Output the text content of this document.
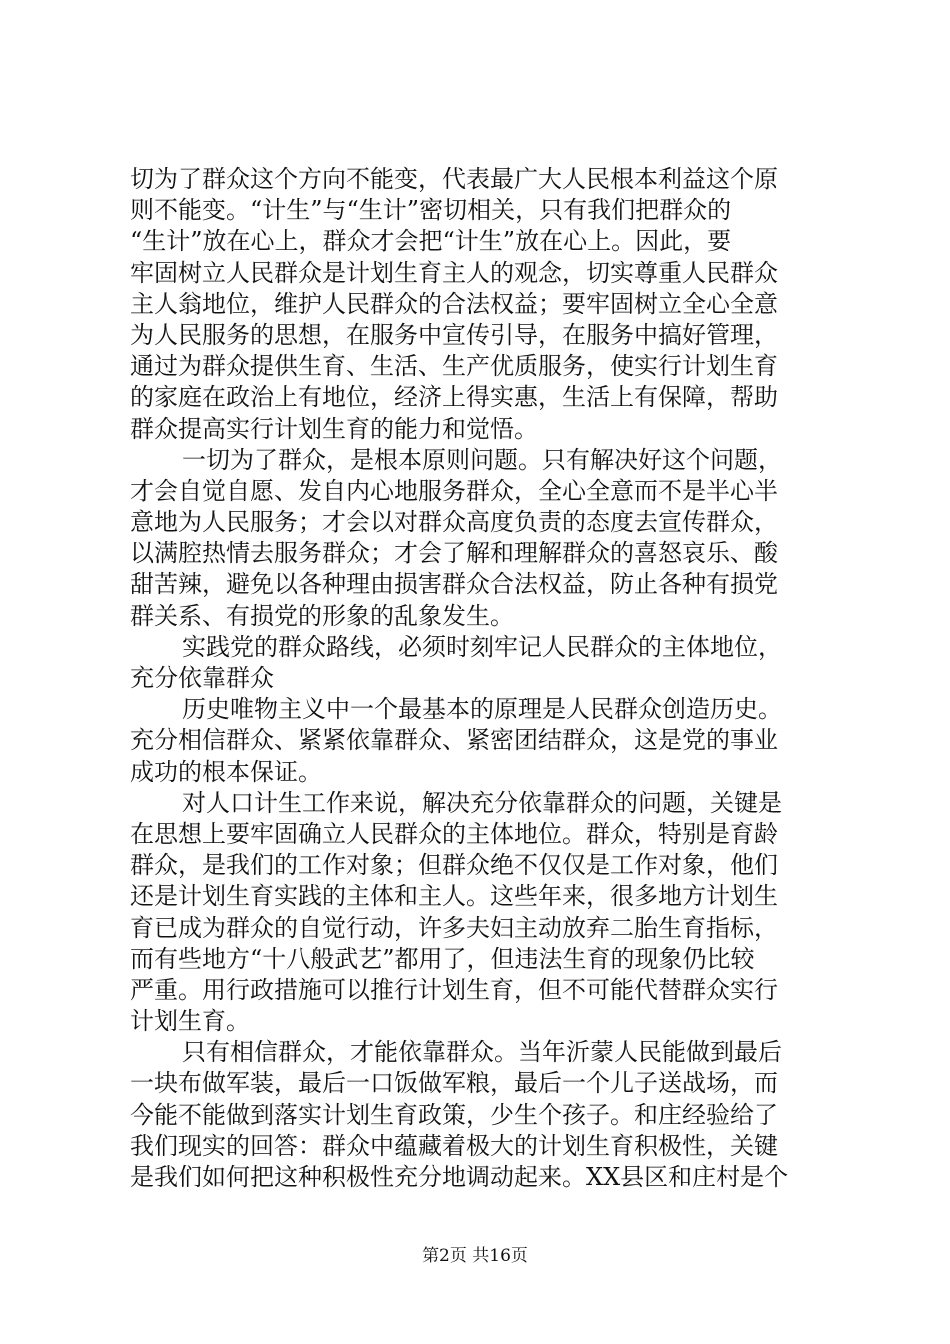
切为了群众这个方向不能变，代表最广大人民根本利益这个原
则不能变。“计生”与“生计”密切相关，只有我们把群众的
“生计”放在心上，群众才会把“计生”放在心上。因此，要
牢固树立人民群众是计划生育主人的观念，切实尊重人民群众
主人翁地位，维护人民群众的合法权益；要牢固树立全心全意
为人民服务的思想，在服务中宣传引导，在服务中搞好管理，
通过为群众提供生育、生活、生产优质服务，使实行计划生育
的家庭在政治上有地位，经济上得实惠，生活上有保障，帮助
群众提高实行计划生育的能力和觉悟。
一切为了群众，是根本原则问题。只有解决好这个问题，
才会自觉自愿、发自内心地服务群众，全心全意而不是半心半
意地为人民服务；才会以对群众高度负责的态度去宣传群众，
以满腔热情去服务群众；才会了解和理解群众的喜怒哀乐、酸
甜苦辣，避免以各种理由损害群众合法权益，防止各种有损党
群关系、有损党的形象的乱象发生。
实践党的群众路线，必须时刻牢记人民群众的主体地位，
充分依靠群众
历史唯物主义中一个最基本的原理是人民群众创造历史。
充分相信群众、紧紧依靠群众、紧密团结群众，这是党的事业
成功的根本保证。
对人口计生工作来说，解决充分依靠群众的问题，关键是
在思想上要牢固确立人民群众的主体地位。群众，特别是育龄
群众，是我们的工作对象；但群众绝不仅仅是工作对象，他们
还是计划生育实践的主体和主人。这些年来，很多地方计划生
育已成为群众的自觉行动，许多夫妇主动放弃二胎生育指标，
而有些地方“十八般武艺”都用了，但违法生育的现象仍比较
严重。用行政措施可以推行计划生育，但不可能代替群众实行
计划生育。
只有相信群众，才能依靠群众。当年沂蒙人民能做到最后
一块布做军装，最后一口饭做军粮，最后一个儿子送战场，而
今能不能做到落实计划生育政策，少生个孩子。和庄经验给了
我们现实的回答：群众中蕴藏着极大的计划生育积极性，关键
是我们如何把这种积极性充分地调动起来。XX县区和庄村是个
第2页 共16页
